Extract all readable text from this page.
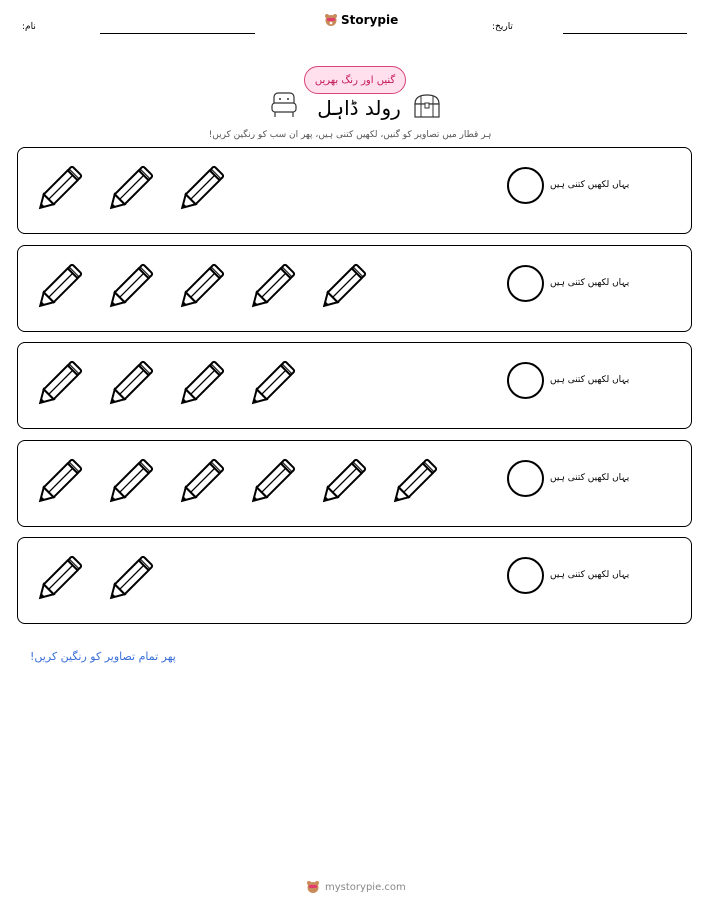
Storypie
نام:	تاریخ:
گنیں اور رنگ بھریں
رولد ڈاہل
ہر قطار میں تصاویر کو گنیں، لکھیں کتنی ہیں، پھر ان سب کو رنگین کریں!
یہاں لکھیں کتنی ہیں
یہاں لکھیں کتنی ہیں
یہاں لکھیں کتنی ہیں
یہاں لکھیں کتنی ہیں
یہاں لکھیں کتنی ہیں
پھر تمام تصاویر کو رنگین کریں!
mystorypie.com
